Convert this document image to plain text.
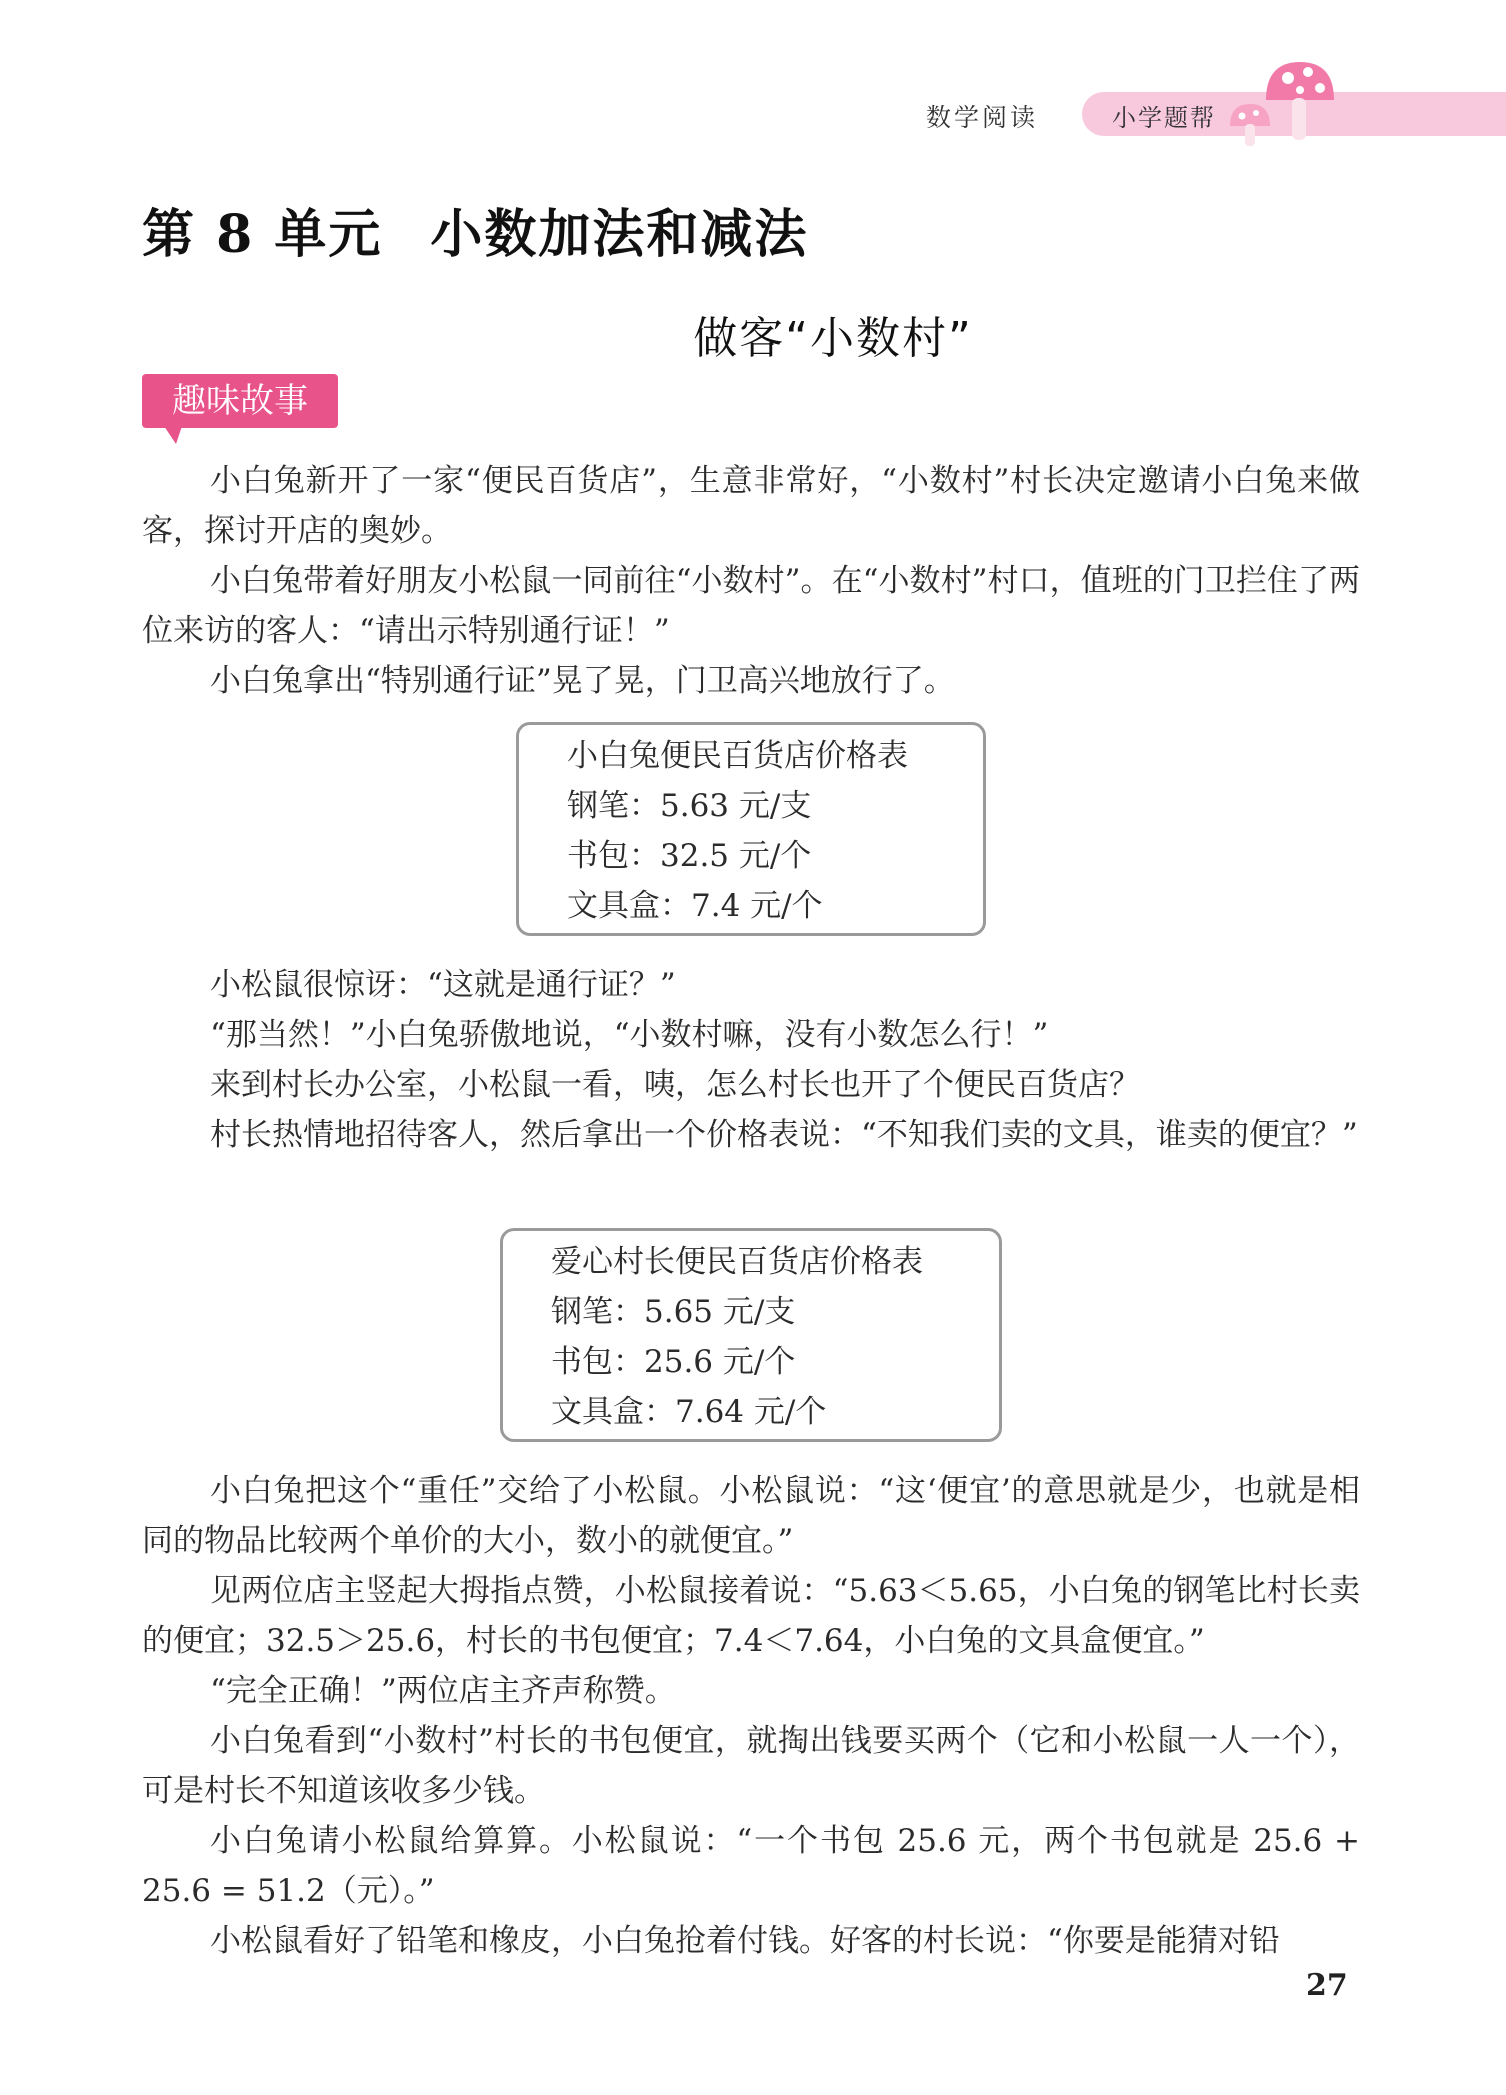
数学阅读	小学题帮
第 8 单元 小数加法和减法
做客“小数村”
趣味故事

小白兔新开了一家“便民百货店”，生意非常好，“小数村”村长决定邀请小白兔来做客，探讨开店的奥妙。

小白兔带着好朋友小松鼠一同前往“小数村”。在“小数村”村口，值班的门卫拦住了两位来访的客人：“请出示特别通行证！”

小白兔拿出“特别通行证”晃了晃，门卫高兴地放行了。

小白兔便民百货店价格表
钢笔：5.63 元/支
书包：32.5 元/个
文具盒：7.4 元/个

小松鼠很惊讶：“这就是通行证？”

“那当然！”小白兔骄傲地说，“小数村嘛，没有小数怎么行！”

来到村长办公室，小松鼠一看，咦，怎么村长也开了个便民百货店？

村长热情地招待客人，然后拿出一个价格表说：“不知我们卖的文具，谁卖的便宜？”

爱心村长便民百货店价格表
钢笔：5.65 元/支
书包：25.6 元/个
文具盒：7.64 元/个

小白兔把这个“重任”交给了小松鼠。小松鼠说：“这‘便宜’的意思就是少，也就是相同的物品比较两个单价的大小，数小的就便宜。”

见两位店主竖起大拇指点赞，小松鼠接着说：“5.63＜5.65，小白兔的钢笔比村长卖的便宜；32.5＞25.6，村长的书包便宜；7.4＜7.64，小白兔的文具盒便宜。”

“完全正确！”两位店主齐声称赞。

小白兔看到“小数村”村长的书包便宜，就掏出钱要买两个（它和小松鼠一人一个），可是村长不知道该收多少钱。

小白兔请小松鼠给算算。小松鼠说：“一个书包 25.6 元，两个书包就是 25.6 + 25.6 = 51.2（元）。”

小松鼠看好了铅笔和橡皮，小白兔抢着付钱。好客的村长说：“你要是能猜对铅

27
